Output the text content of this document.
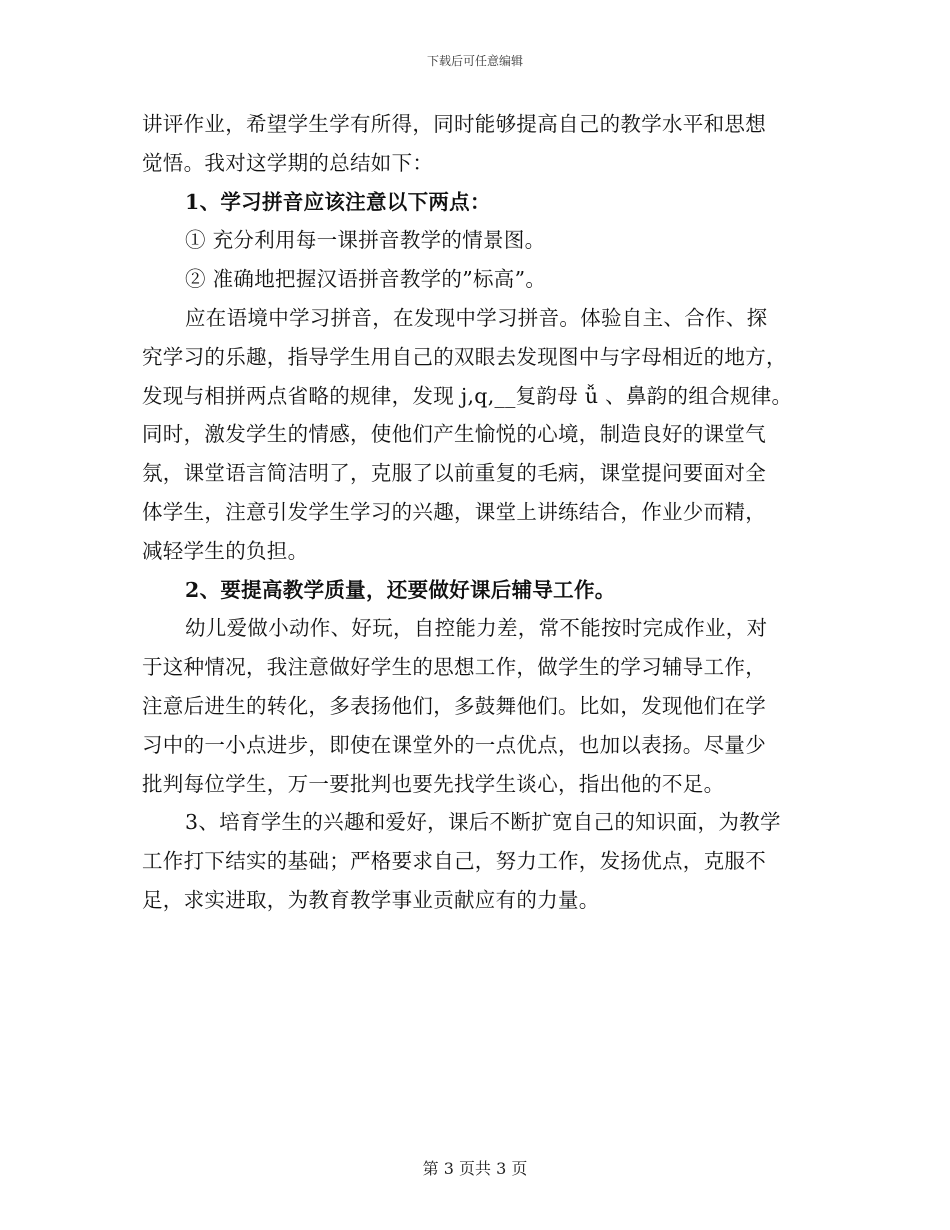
下载后可任意编辑
讲评作业，希望学生学有所得，同时能够提高自己的教学水平和思想
觉悟。我对这学期的总结如下：
1、学习拼音应该注意以下两点：
① 充分利用每一课拼音教学的情景图。
② 准确地把握汉语拼音教学的”标高”。
应在语境中学习拼音，在发现中学习拼音。体验自主、合作、探
究学习的乐趣，指导学生用自己的双眼去发现图中与字母相近的地方，
发现与相拼两点省略的规律，发现 j,q,__复韵母 ǚ 、鼻韵的组合规律。
同时，激发学生的情感，使他们产生愉悦的心境，制造良好的课堂气
氛，课堂语言简洁明了，克服了以前重复的毛病，课堂提问要面对全
体学生，注意引发学生学习的兴趣，课堂上讲练结合，作业少而精，
减轻学生的负担。
2、要提高教学质量，还要做好课后辅导工作。
幼儿爱做小动作、好玩，自控能力差，常不能按时完成作业，对
于这种情况，我注意做好学生的思想工作，做学生的学习辅导工作，
注意后进生的转化，多表扬他们，多鼓舞他们。比如，发现他们在学
习中的一小点进步，即使在课堂外的一点优点，也加以表扬。尽量少
批判每位学生，万一要批判也要先找学生谈心，指出他的不足。
3、培育学生的兴趣和爱好，课后不断扩宽自己的知识面，为教学
工作打下结实的基础；严格要求自己，努力工作，发扬优点，克服不
足，求实进取，为教育教学事业贡献应有的力量。
第 3 页共 3 页
